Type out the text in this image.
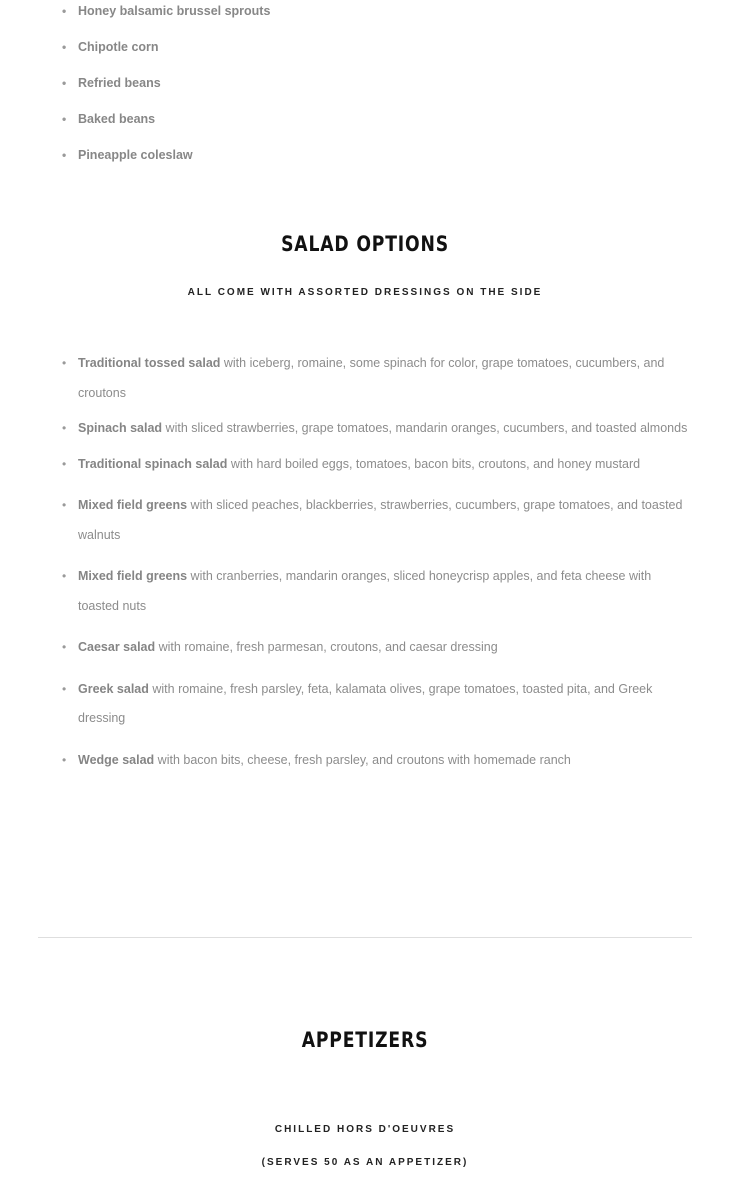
• Honey balsamic brussel sprouts
• Chipotle corn
• Refried beans
• Baked beans
• Pineapple coleslaw
SALAD OPTIONS

ALL COME WITH ASSORTED DRESSINGS ON THE SIDE

• Traditional tossed salad with iceberg, romaine, some spinach for color, grape tomatoes, cucumbers, and croutons
• Spinach salad with sliced strawberries, grape tomatoes, mandarin oranges, cucumbers, and toasted almonds
• Traditional spinach salad with hard boiled eggs, tomatoes, bacon bits, croutons, and honey mustard
• Mixed field greens with sliced peaches, blackberries, strawberries, cucumbers, grape tomatoes, and toasted walnuts
• Mixed field greens with cranberries, mandarin oranges, sliced honeycrisp apples, and feta cheese with toasted nuts
• Caesar salad with romaine, fresh parmesan, croutons, and caesar dressing
• Greek salad with romaine, fresh parsley, feta, kalamata olives, grape tomatoes, toasted pita, and Greek dressing
• Wedge salad with bacon bits, cheese, fresh parsley, and croutons with homemade ranch
APPETIZERS

CHILLED HORS D'OEUVRES

(SERVES 50 AS AN APPETIZER)
